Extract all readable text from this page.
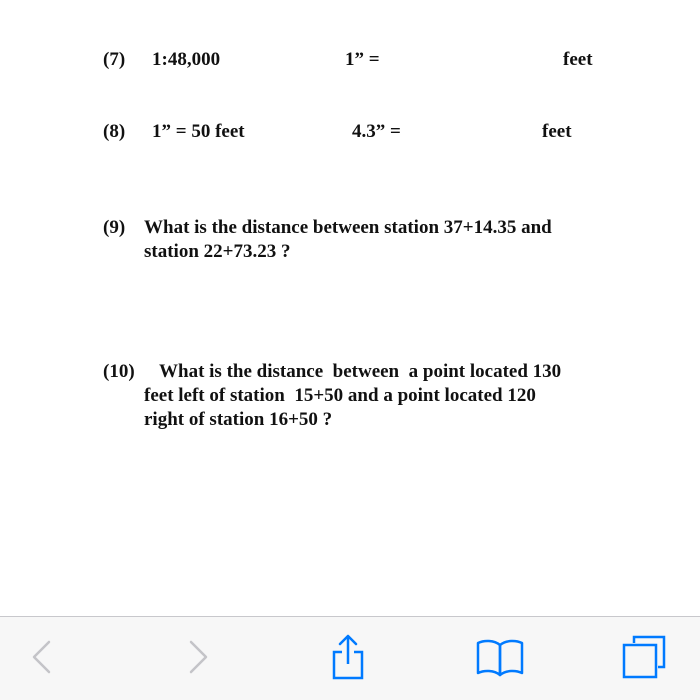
(7) 1:48,000	1” =	feet
(8) 1” = 50 feet	4.3” =	feet
(9) What is the distance between station 37+14.35 and
station 22+73.23 ?
(10) What is the distance  between  a point located 130
feet left of station  15+50 and a point located 120
right of station 16+50 ?
